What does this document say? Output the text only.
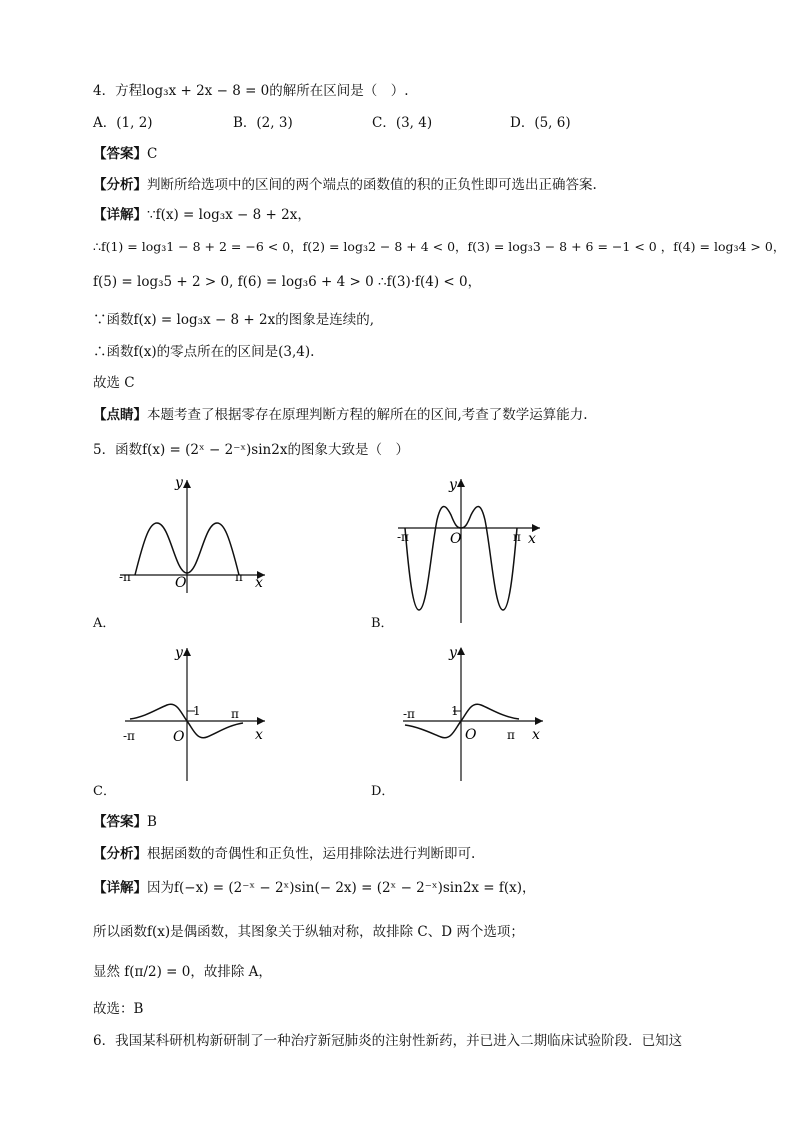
4．方程log₃x + 2x − 8 = 0的解所在区间是（　）.
A．(1, 2)	B．(2, 3)	C．(3, 4)	D．(5, 6)
【答案】C
【分析】判断所给选项中的区间的两个端点的函数值的积的正负性即可选出正确答案.
【详解】∵f(x) = log₃x − 8 + 2x，
∴f(1) = log₃1 − 8 + 2 = −6 < 0，f(2) = log₃2 − 8 + 4 < 0，f(3) = log₃3 − 8 + 6 = −1 < 0 ，f(4) = log₃4 > 0，
f(5) = log₃5 + 2 > 0, f(6) = log₃6 + 4 > 0 ∴f(3)·f(4) < 0，
∵函数f(x) = log₃x − 8 + 2x的图象是连续的,
∴函数f(x)的零点所在的区间是(3,4).
故选 C
【点睛】本题考查了根据零存在原理判断方程的解所在的区间,考查了数学运算能力.
5．函数f(x) = (2ˣ − 2⁻ˣ)sin2x的图象大致是（　）
y
x
O
-π	π
A．
y
x
O
-π	π
B．
y
x
O
-π
π
1
C．
y
x
O
-π
π
1
D．
【答案】B
【分析】根据函数的奇偶性和正负性，运用排除法进行判断即可.
【详解】因为f(−x) = (2⁻ˣ − 2ˣ)sin(− 2x) = (2ˣ − 2⁻ˣ)sin2x = f(x)，
所以函数f(x)是偶函数，其图象关于纵轴对称，故排除 C、D 两个选项；
显然 f(π/2) = 0，故排除 A，
故选：B
6．我国某科研机构新研制了一种治疗新冠肺炎的注射性新药，并已进入二期临床试验阶段．已知这
